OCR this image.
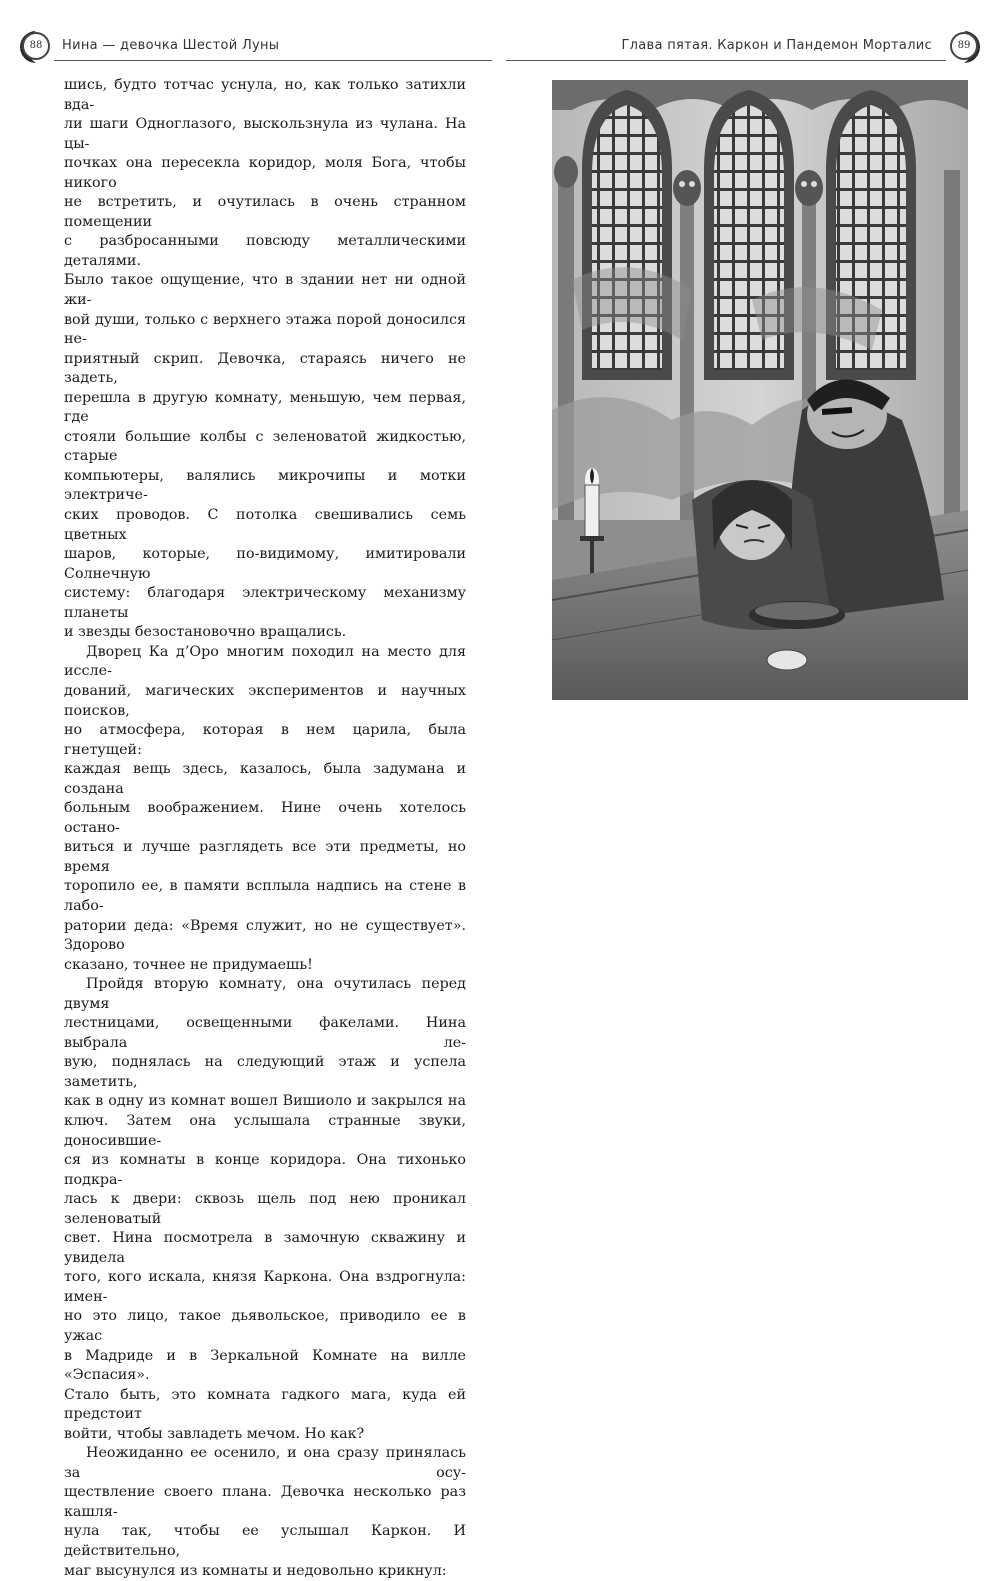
88	Нина — девочка Шестой Луны	89
Глава пятая. Каркон и Пандемон Морталис

шись, будто тотчас уснула, но, как только затихли вда-

ли шаги Одноглазого, выскользнула из чулана. На цы-

почках она пересекла коридор, моля Бога, чтобы никого

не встретить, и очутилась в очень странном помещении

с разбросанными повсюду металлическими деталями.

Было такое ощущение, что в здании нет ни одной жи-

вой души, только с верхнего этажа порой доносился не-

приятный скрип. Девочка, стараясь ничего не задеть,

перешла в другую комнату, меньшую, чем первая, где

стояли большие колбы с зеленоватой жидкостью, старые

компьютеры, валялись микрочипы и мотки электриче-

ских проводов. С потолка свешивались семь цветных

шаров, которые, по-видимому, имитировали Солнечную

систему: благодаря электрическому механизму планеты

и звезды безостановочно вращались.

Дворец Ка д’Оро многим походил на место для иссле-

дований, магических экспериментов и научных поисков,

но атмосфера, которая в нем царила, была гнетущей:

каждая вещь здесь, казалось, была задумана и создана

больным воображением. Нине очень хотелось остано-

виться и лучше разглядеть все эти предметы, но время

торопило ее, в памяти всплыла надпись на стене в лабо-

ратории деда: «Время служит, но не существует». Здорово

сказано, точнее не придумаешь!

Пройдя вторую комнату, она очутилась перед двумя

лестницами, освещенными факелами. Нина выбрала ле-

вую, поднялась на следующий этаж и успела заметить,

как в одну из комнат вошел Вишиоло и закрылся на

ключ. Затем она услышала странные звуки, доносившие-

ся из комнаты в конце коридора. Она тихонько подкра-

лась к двери: сквозь щель под нею проникал зеленоватый

свет. Нина посмотрела в замочную скважину и увидела

того, кого искала, князя Каркона. Она вздрогнула: имен-

но это лицо, такое дьявольское, приводило ее в ужас

в Мадриде и в Зеркальной Комнате на вилле «Эспасия».

Стало быть, это комната гадкого мага, куда ей предстоит

войти, чтобы завладеть мечом. Но как?

Неожиданно ее осенило, и она сразу принялась за осу-

ществление своего плана. Девочка несколько раз кашля-

нула так, чтобы ее услышал Каркон. И действительно,

маг высунулся из комнаты и недовольно крикнул:
